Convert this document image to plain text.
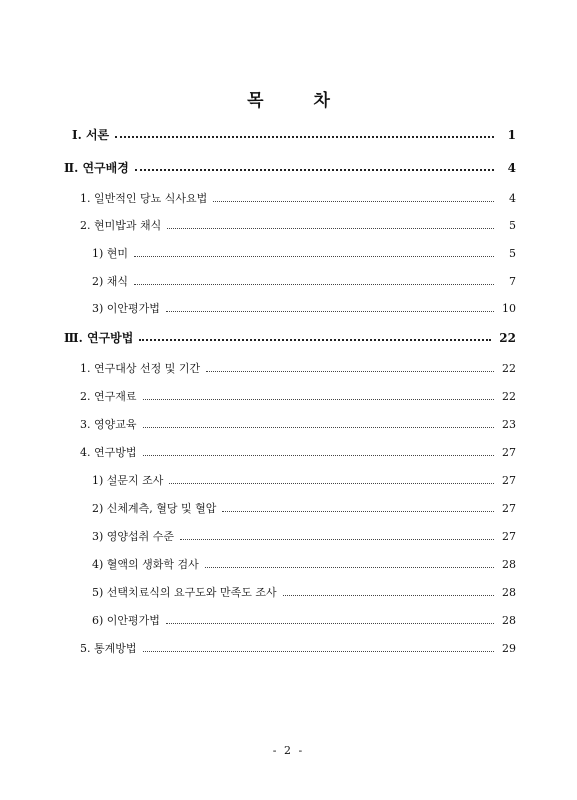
목 차
Ⅰ. 서론	1
Ⅱ. 연구배경	4
1. 일반적인 당뇨 식사요법	4
2. 현미밥과 채식	5
1) 현미	5
2) 채식	7
3) 이안평가법	10
Ⅲ. 연구방법	22
1. 연구대상 선정 및 기간	22
2. 연구재료	22
3. 영양교육	23
4. 연구방법	27
1) 설문지 조사	27
2) 신체계측, 혈당 및 혈압	27
3) 영양섭취 수준	27
4) 혈액의 생화학 검사	28
5) 선택치료식의 요구도와 만족도 조사	28
6) 이안평가법	28
5. 통계방법	29
- 2 -
